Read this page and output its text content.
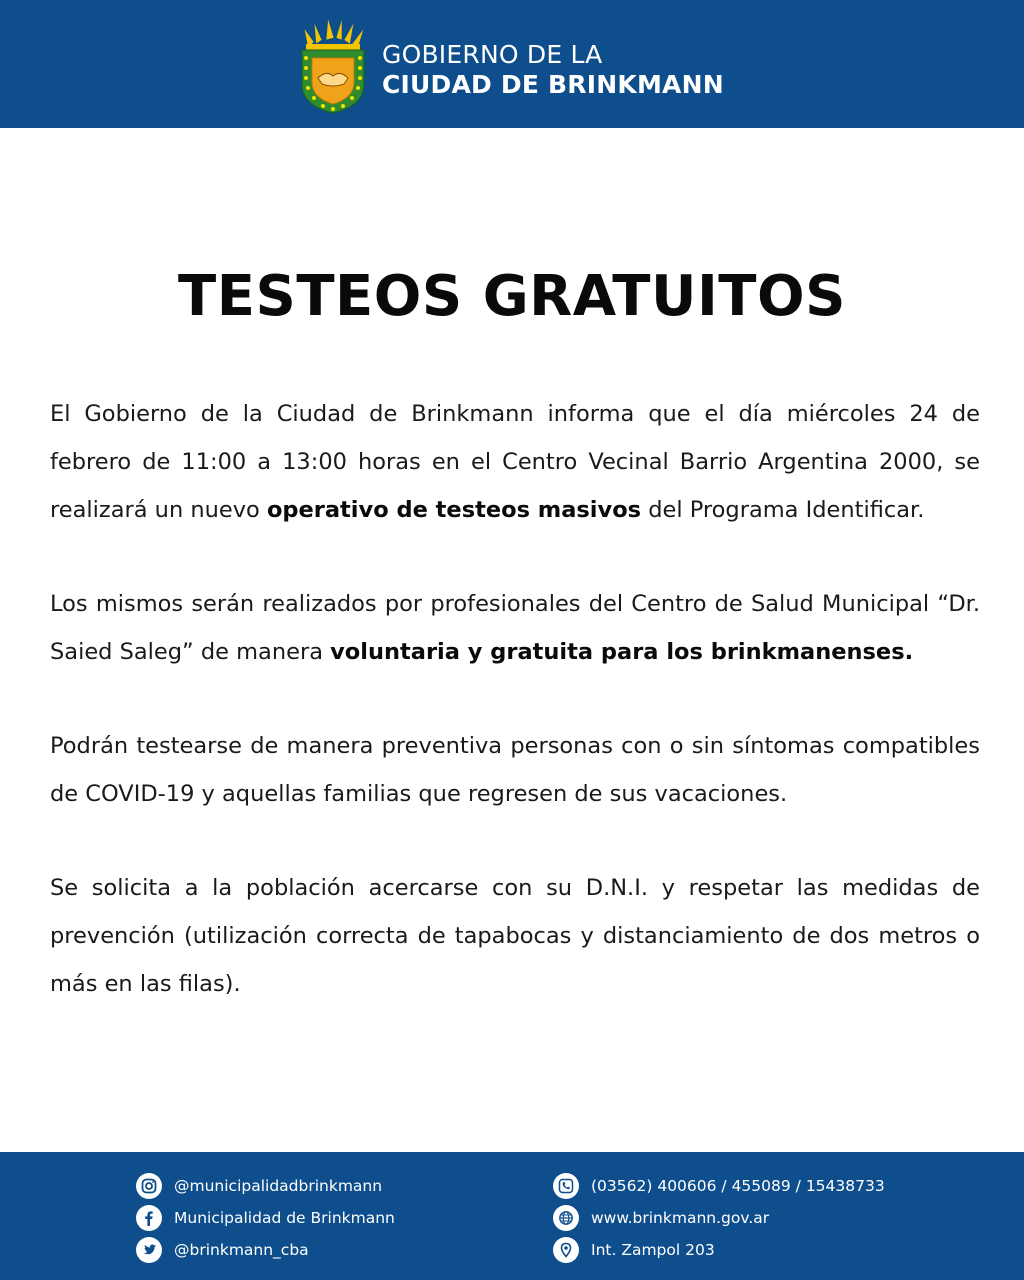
GOBIERNO DE LA
CIUDAD DE BRINKMANN
TESTEOS GRATUITOS

El Gobierno de la Ciudad de Brinkmann informa que el día miércoles 24 de febrero de 11:00 a 13:00 horas en el Centro Vecinal Barrio Argentina 2000, se realizará un nuevo operativo de testeos masivos del Programa Identificar.

Los mismos serán realizados por profesionales del Centro de Salud Municipal “Dr. Saied Saleg” de manera voluntaria y gratuita para los brinkmanenses.

Podrán testearse de manera preventiva personas con o sin síntomas compatibles de COVID-19 y aquellas familias que regresen de sus vacaciones.

Se solicita a la población acercarse con su D.N.I. y respetar las medidas de prevención (utilización correcta de tapabocas y distanciamiento de dos metros o más en las filas).

@municipalidadbrinkmann
Municipalidad de Brinkmann
@brinkmann_cba
(03562) 400606 / 455089 / 15438733
www.brinkmann.gov.ar
Int. Zampol 203
